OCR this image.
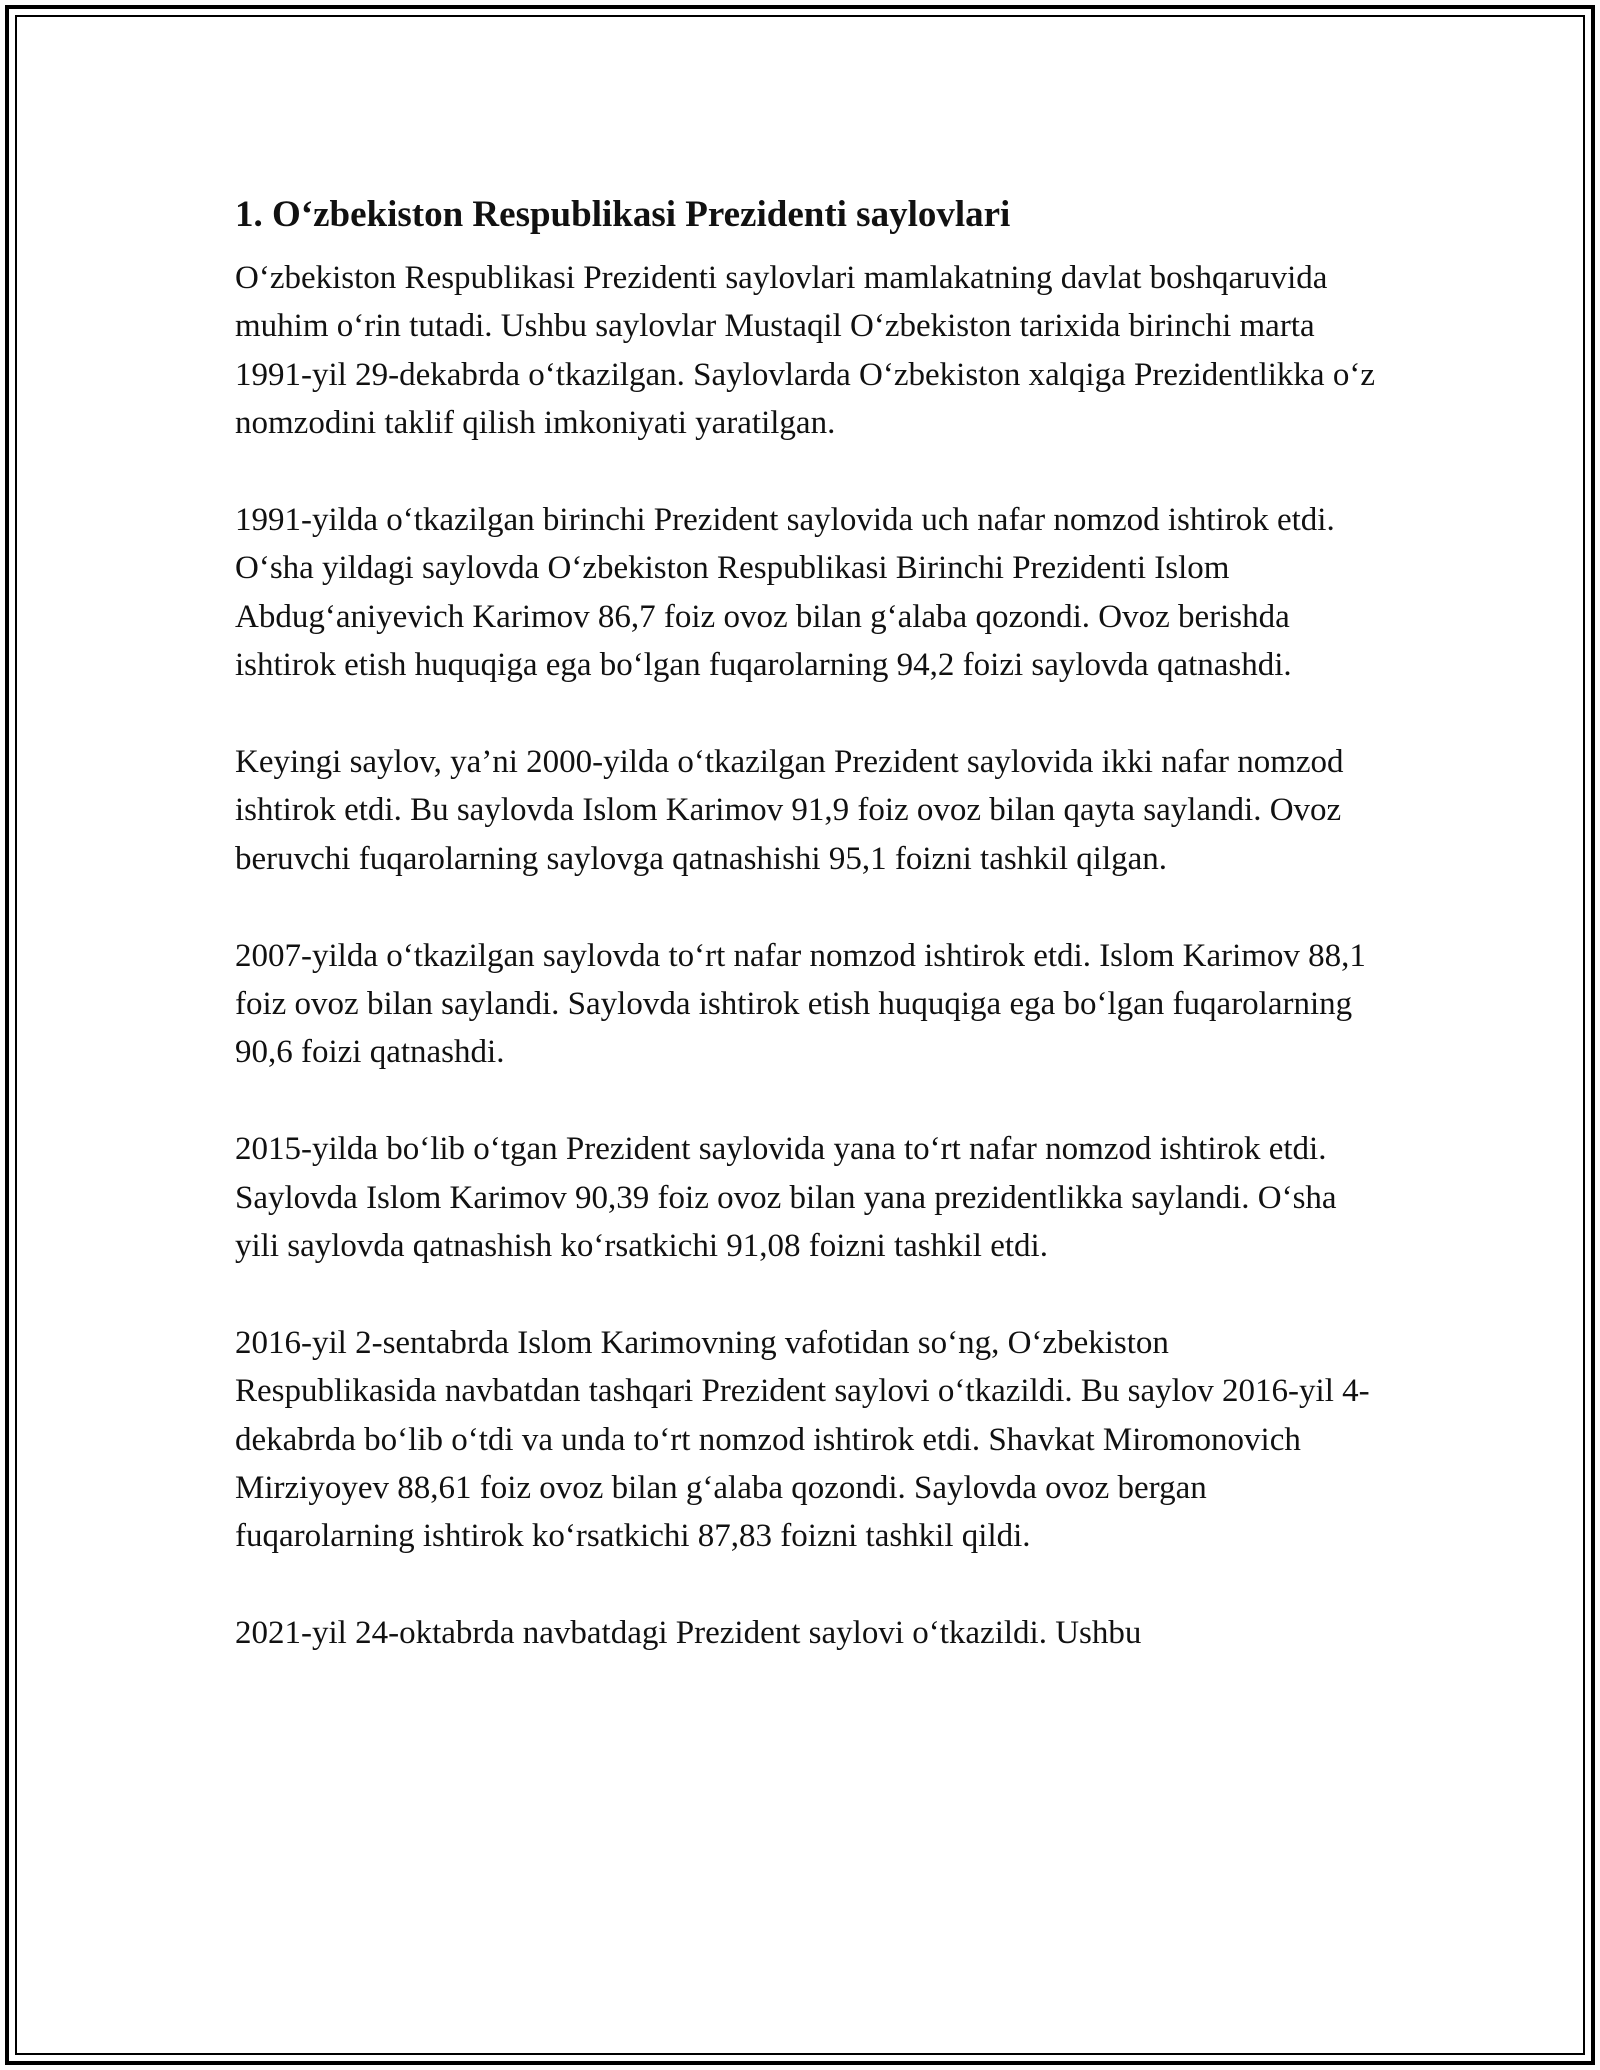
1. O‘zbekiston Respublikasi Prezidenti saylovlari

O‘zbekiston Respublikasi Prezidenti saylovlari mamlakatning davlat boshqaruvida muhim o‘rin tutadi. Ushbu saylovlar Mustaqil O‘zbekiston tarixida birinchi marta 1991-yil 29-dekabrda o‘tkazilgan. Saylovlarda O‘zbekiston xalqiga Prezidentlikka o‘z nomzodini taklif qilish imkoniyati yaratilgan.

1991-yilda o‘tkazilgan birinchi Prezident saylovida uch nafar nomzod ishtirok etdi. O‘sha yildagi saylovda O‘zbekiston Respublikasi Birinchi Prezidenti Islom Abdug‘aniyevich Karimov 86,7 foiz ovoz bilan g‘alaba qozondi. Ovoz berishda ishtirok etish huquqiga ega bo‘lgan fuqarolarning 94,2 foizi saylovda qatnashdi.

Keyingi saylov, ya’ni 2000-yilda o‘tkazilgan Prezident saylovida ikki nafar nomzod ishtirok etdi. Bu saylovda Islom Karimov 91,9 foiz ovoz bilan qayta saylandi. Ovoz beruvchi fuqarolarning saylovga qatnashishi 95,1 foizni tashkil qilgan.

2007-yilda o‘tkazilgan saylovda to‘rt nafar nomzod ishtirok etdi. Islom Karimov 88,1 foiz ovoz bilan saylandi. Saylovda ishtirok etish huquqiga ega bo‘lgan fuqarolarning 90,6 foizi qatnashdi.

2015-yilda bo‘lib o‘tgan Prezident saylovida yana to‘rt nafar nomzod ishtirok etdi. Saylovda Islom Karimov 90,39 foiz ovoz bilan yana prezidentlikka saylandi. O‘sha yili saylovda qatnashish ko‘rsatkichi 91,08 foizni tashkil etdi.

2016-yil 2-sentabrda Islom Karimovning vafotidan so‘ng, O‘zbekiston Respublikasida navbatdan tashqari Prezident saylovi o‘tkazildi. Bu saylov 2016-yil 4-dekabrda bo‘lib o‘tdi va unda to‘rt nomzod ishtirok etdi. Shavkat Miromonovich Mirziyoyev 88,61 foiz ovoz bilan g‘alaba qozondi. Saylovda ovoz bergan fuqarolarning ishtirok ko‘rsatkichi 87,83 foizni tashkil qildi.

2021-yil 24-oktabrda navbatdagi Prezident saylovi o‘tkazildi. Ushbu
